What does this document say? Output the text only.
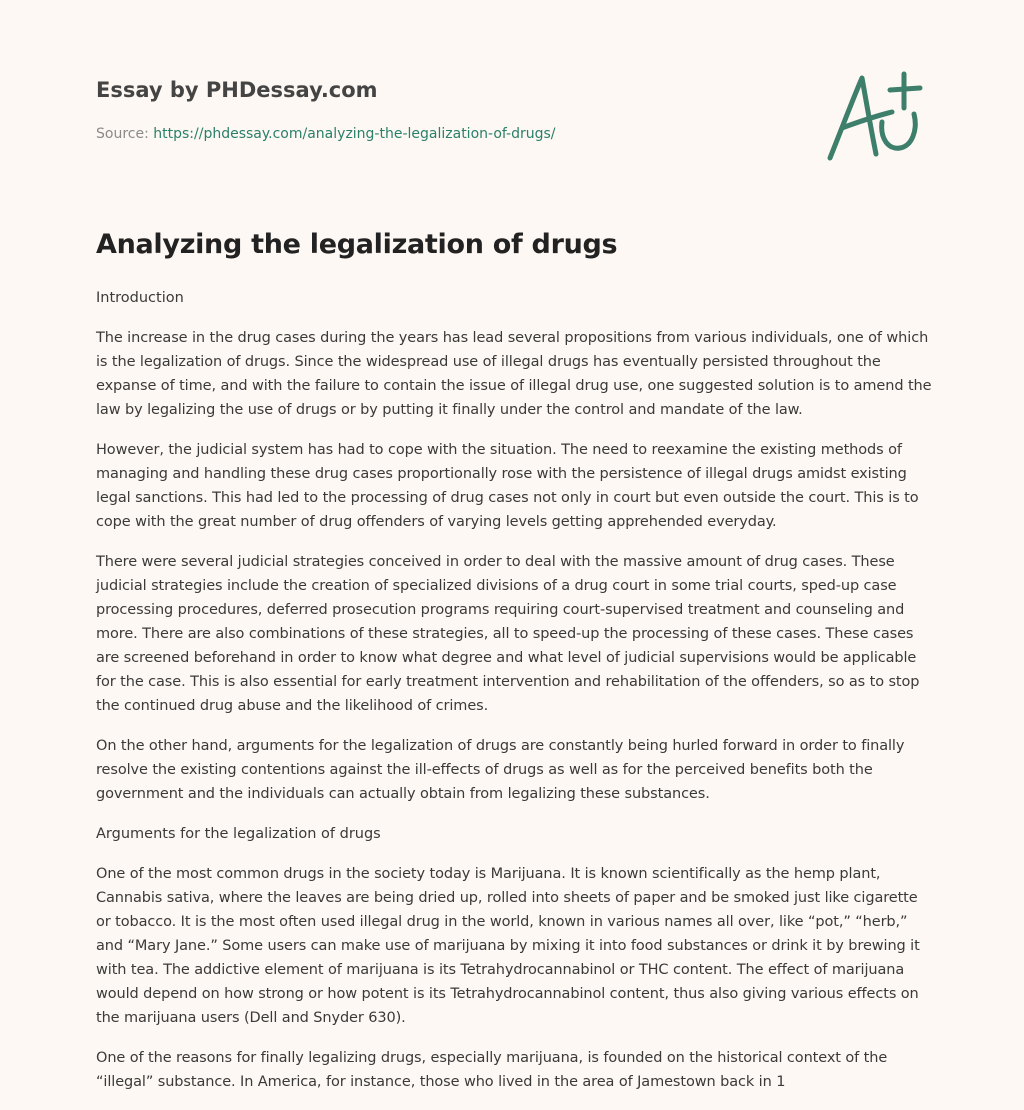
Essay by PHDessay.com

Source: https://phdessay.com/analyzing-the-legalization-of-drugs/
Analyzing the legalization of drugs

Introduction

The increase in the drug cases during the years has lead several propositions from various individuals, one of which is the legalization of drugs. Since the widespread use of illegal drugs has eventually persisted throughout the expanse of time, and with the failure to contain the issue of illegal drug use, one suggested solution is to amend the law by legalizing the use of drugs or by putting it finally under the control and mandate of the law.

However, the judicial system has had to cope with the situation. The need to reexamine the existing methods of managing and handling these drug cases proportionally rose with the persistence of illegal drugs amidst existing legal sanctions. This had led to the processing of drug cases not only in court but even outside the court. This is to cope with the great number of drug offenders of varying levels getting apprehended everyday.

There were several judicial strategies conceived in order to deal with the massive amount of drug cases. These judicial strategies include the creation of specialized divisions of a drug court in some trial courts, sped-up case processing procedures, deferred prosecution programs requiring court-supervised treatment and counseling and more. There are also combinations of these strategies, all to speed-up the processing of these cases. These cases are screened beforehand in order to know what degree and what level of judicial supervisions would be applicable for the case. This is also essential for early treatment intervention and rehabilitation of the offenders, so as to stop the continued drug abuse and the likelihood of crimes.

On the other hand, arguments for the legalization of drugs are constantly being hurled forward in order to finally resolve the existing contentions against the ill-effects of drugs as well as for the perceived benefits both the government and the individuals can actually obtain from legalizing these substances.

Arguments for the legalization of drugs

One of the most common drugs in the society today is Marijuana. It is known scientifically as the hemp plant, Cannabis sativa, where the leaves are being dried up, rolled into sheets of paper and be smoked just like cigarette or tobacco. It is the most often used illegal drug in the world, known in various names all over, like “pot,” “herb,” and “Mary Jane.” Some users can make use of marijuana by mixing it into food substances or drink it by brewing it with tea. The addictive element of marijuana is its Tetrahydrocannabinol or THC content. The effect of marijuana would depend on how strong or how potent is its Tetrahydrocannabinol content, thus also giving various effects on the marijuana users (Dell and Snyder 630).

One of the reasons for finally legalizing drugs, especially marijuana, is founded on the historical context of the “illegal” substance. In America, for instance, those who lived in the area of Jamestown back in 1
